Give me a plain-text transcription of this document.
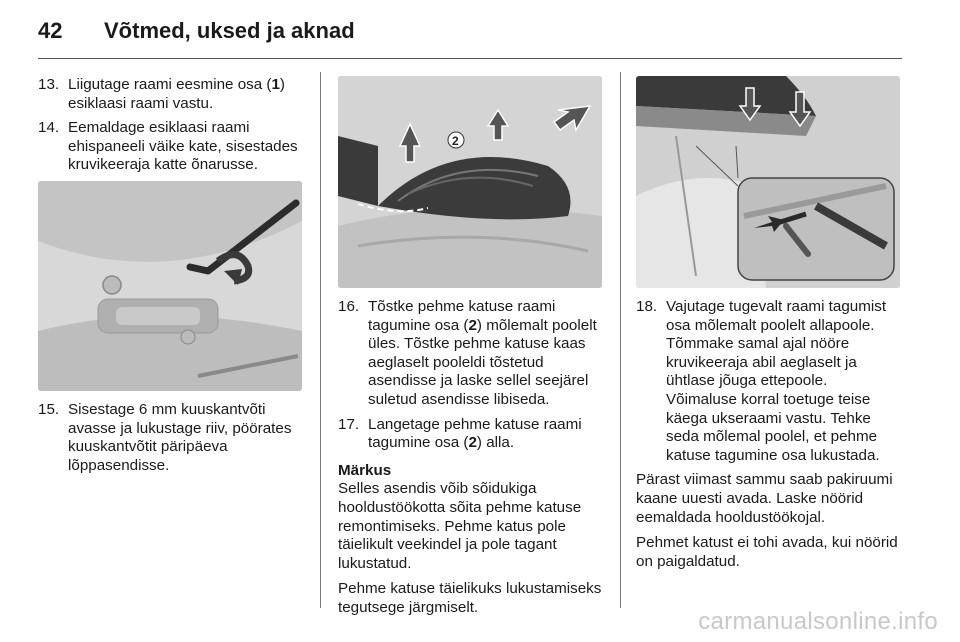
42	Võtmed, uksed ja aknad
13. Liigutage raami eesmine osa (1) esiklaasi raami vastu.
14. Eemaldage esiklaasi raami ehispaneeli väike kate, sisestades kruvikeeraja katte õnarusse.
15. Sisestage 6 mm kuuskantvõti avasse ja lukustage riiv, pöörates kuuskantvõtit päripäeva lõppasendisse.
2
16. Tõstke pehme katuse raami tagumine osa (2) mõlemalt poolelt üles. Tõstke pehme katuse kaas aeglaselt pooleldi tõstetud asendisse ja laske sellel seejärel suletud asendisse libiseda.
17. Langetage pehme katuse raami tagumine osa (2) alla.
Märkus
Selles asendis võib sõidukiga hooldustöökotta sõita pehme katuse remontimiseks. Pehme katus pole täielikult veekindel ja pole tagant lukustatud.
Pehme katuse täielikuks lukustamiseks tegutsege järgmiselt.
18. Vajutage tugevalt raami tagumist osa mõlemalt poolelt allapoole. Tõmmake samal ajal nööre kruvikeeraja abil aeglaselt ja ühtlase jõuga ettepoole. Võimaluse korral toetuge teise käega ukseraami vastu. Tehke seda mõlemal poolel, et pehme katuse tagumine osa lukustada.
Pärast viimast sammu saab pakiruumi kaane uuesti avada. Laske nöörid eemaldada hooldustöökojal.
Pehmet katust ei tohi avada, kui nöörid on paigaldatud.
carmanualsonline.info
